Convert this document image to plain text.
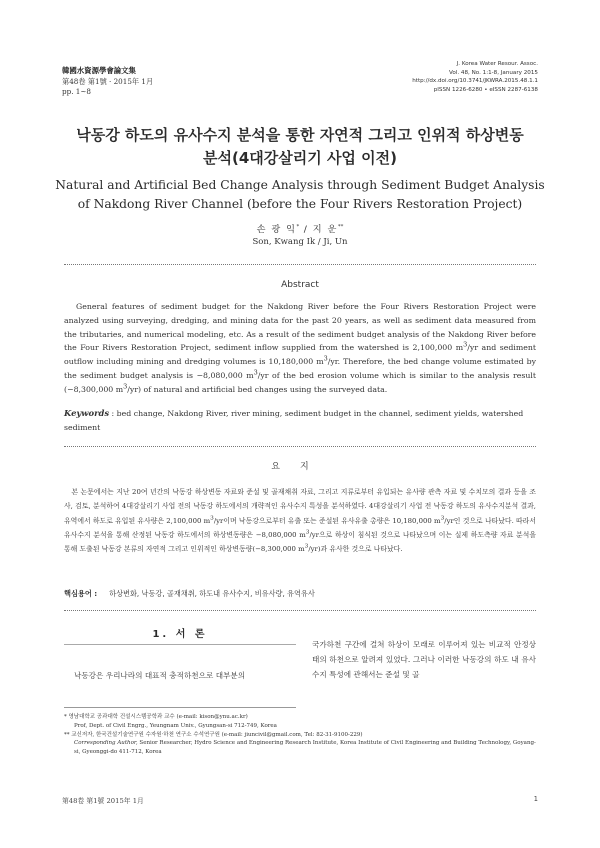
韓國水資源學會論文集
第48卷 第1號 · 2015年 1月
pp. 1~8
J. Korea Water Resour. Assoc.
Vol. 48, No. 1:1-8, January 2015
http://dx.doi.org/10.3741/JKWRA.2015.48.1.1
pISSN 1226-6280 • eISSN 2287-6138
낙동강 하도의 유사수지 분석을 통한 자연적 그리고 인위적 하상변동
분석(4대강살리기 사업 이전)
Natural and Artificial Bed Change Analysis through Sediment Budget Analysis
of Nakdong River Channel (before the Four Rivers Restoration Project)
손 광 익* / 지 운**
Son, Kwang Ik / Ji, Un
Abstract

General features of sediment budget for the Nakdong River before the Four Rivers Restoration Project were analyzed using surveying, dredging, and mining data for the past 20 years, as well as sediment data measured from the tributaries, and numerical modeling, etc. As a result of the sediment budget analysis of the Nakdong River before the Four Rivers Restoration Project, sediment inflow supplied from the watershed is 2,100,000 $m^3/yr$ and sediment outflow including mining and dredging volumes is 10,180,000 $m^3/yr$. Therefore, the bed change volume estimated by the sediment budget analysis is −8,080,000 $m^3/yr$ of the bed erosion volume which is similar to the analysis result (−8,300,000 $m^3/yr$) of natural and artificial bed changes using the surveyed data.

Keywords : bed change, Nakdong River, river mining, sediment budget in the channel, sediment yields, watershed sediment

요지

본 논문에서는 지난 20여 년간의 낙동강 하상변동 자료와 준설 및 골재채취 자료, 그리고 지류로부터 유입되는 유사량 관측 자료 및 수치모의 결과 등을 조사, 검토, 분석하여 4대강살리기 사업 전의 낙동강 하도에서의 개략적인 유사수지 특성을 분석하였다. 4대강살리기 사업 전 낙동강 하도의 유사수지분석 결과, 유역에서 하도로 유입된 유사량은 2,100,000 $m^3/yr$이며 낙동강으로부터 유출 또는 준설된 유사유출 총량은 10,180,000 $m^3/yr$인 것으로 나타났다. 따라서 유사수지 분석을 통해 산정된 낙동강 하도에서의 하상변동량은 −8,080,000 $m^3/yr$으로 하상이 침식된 것으로 나타났으며 이는 실제 하도측량 자료 분석을 통해 도출된 낙동강 본류의 자연적 그리고 인위적인 하상변동량(−8,300,000 $m^3/yr$)과 유사한 것으로 나타났다.

핵심용어 : 하상변화, 낙동강, 골재채취, 하도내 유사수지, 비유사량, 유역유사

1. 서 론

낙동강은 우리나라의 대표적 충적하천으로 대부분의

국가하천 구간에 걸쳐 하상이 모래로 이루어져 있는 비교적 안정상태의 하천으로 알려져 있었다. 그러나 이러한 낙동강의 하도 내 유사수지 특성에 관해서는 준설 및 골

* 영남대학교 공과대학 건설시스템공학과 교수 (e-mail: kison@ynu.ac.kr)

Prof, Dept. of Civil Engrg., Yeungnam Univ., Gyungsan-si 712-749, Korea
** 교신저자, 한국건설기술연구원 수자원·하천 연구소 수석연구원 (e-mail: jiuncivil@gmail.com, Tel: 82-31-9100-229)

Corresponding Author, Senior Researcher, Hydro Science and Engineering Research Institute, Korea Institute of Civil Engineering and Building Technology, Goyang-si, Gyeonggi-do 411-712, Korea

第48卷 第1號 2015年 1月	1
